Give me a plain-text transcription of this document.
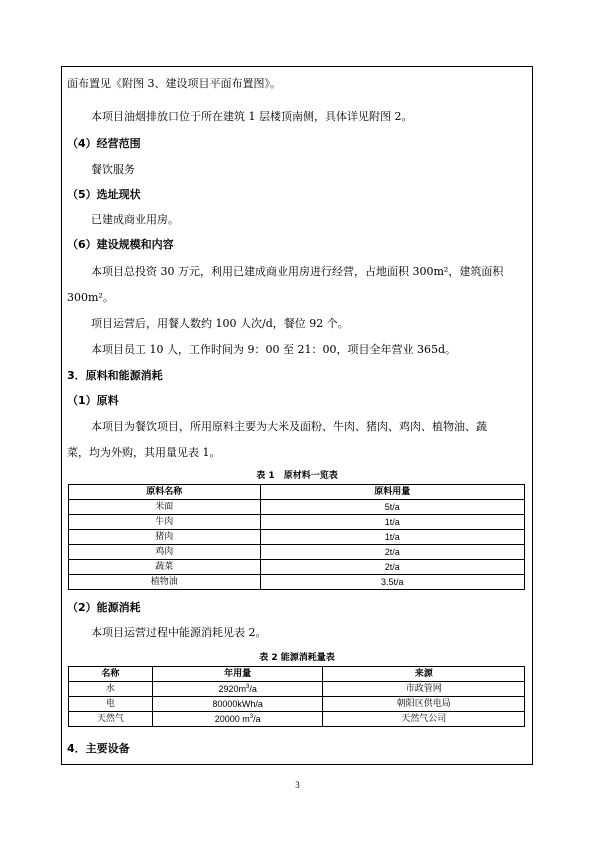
面布置见《附图 3、建设项目平面布置图》。
本项目油烟排放口位于所在建筑 1 层楼顶南侧，具体详见附图 2。
（4）经营范围
餐饮服务
（5）选址现状
已建成商业用房。
（6）建设规模和内容
本项目总投资 30 万元，利用已建成商业用房进行经营，占地面积 300m²，建筑面积
300m²。
项目运营后，用餐人数约 100 人次/d，餐位 92 个。
本项目员工 10 人，工作时间为 9：00 至 21：00，项目全年营业 365d。
3．原料和能源消耗
（1）原料
本项目为餐饮项目，所用原料主要为大米及面粉、牛肉、猪肉、鸡肉、植物油、蔬
菜，均为外购，其用量见表 1。
表 1　原材料一览表
原料名称	原料用量
米面	5t/a
牛肉	1t/a
猪肉	1t/a
鸡肉	2t/a
蔬菜	2t/a
植物油	3.5t/a
（2）能源消耗
本项目运营过程中能源消耗见表 2。
表 2 能源消耗量表
名称	年用量	来源
水	$2920m^3/a$	市政管网
电	80000kWh/a	朝阳区供电局
天然气	20000 $m^3/a$	天然气公司
4．主要设备
3
